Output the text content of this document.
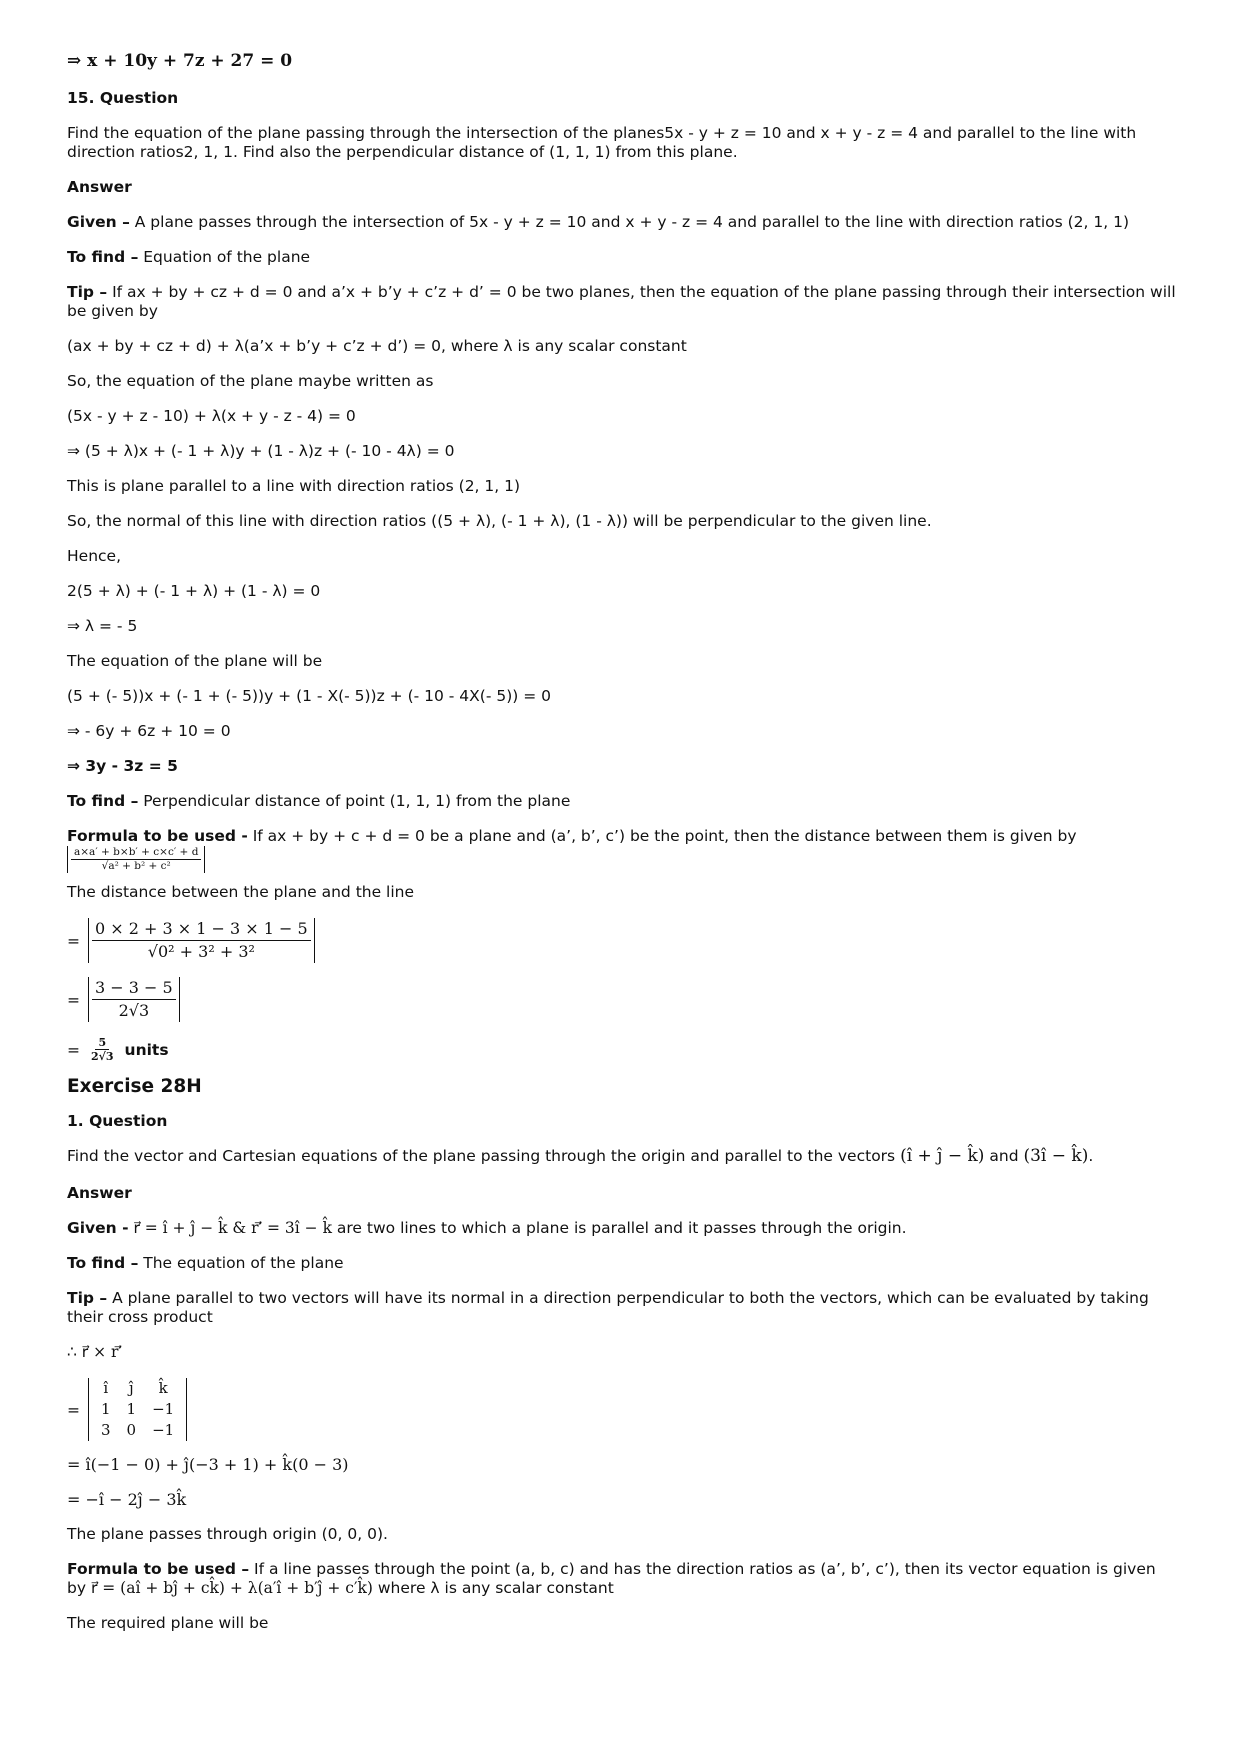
⇒ x + 10y + 7z + 27 = 0

15. Question

Find the equation of the plane passing through the intersection of the planes5x - y + z = 10 and x + y - z = 4 and parallel to the line with direction ratios2, 1, 1. Find also the perpendicular distance of (1, 1, 1) from this plane.

Answer

Given – A plane passes through the intersection of 5x - y + z = 10 and x + y - z = 4 and parallel to the line with direction ratios (2, 1, 1)

To find – Equation of the plane

Tip – If ax + by + cz + d = 0 and a’x + b’y + c’z + d’ = 0 be two planes, then the equation of the plane passing through their intersection will be given by

(ax + by + cz + d) + λ(a’x + b’y + c’z + d’) = 0, where λ is any scalar constant

So, the equation of the plane maybe written as

(5x - y + z - 10) + λ(x + y - z - 4) = 0

⇒ (5 + λ)x + (- 1 + λ)y + (1 - λ)z + (- 10 - 4λ) = 0

This is plane parallel to a line with direction ratios (2, 1, 1)

So, the normal of this line with direction ratios ((5 + λ), (- 1 + λ), (1 - λ)) will be perpendicular to the given line.

Hence,

2(5 + λ) + (- 1 + λ) + (1 - λ) = 0

⇒ λ = - 5

The equation of the plane will be

(5 + (- 5))x + (- 1 + (- 5))y + (1 - X(- 5))z + (- 10 - 4X(- 5)) = 0

⇒ - 6y + 6z + 10 = 0

⇒ 3y - 3z = 5

To find – Perpendicular distance of point (1, 1, 1) from the plane

Formula to be used - If ax + by + c + d = 0 be a plane and (a’, b’, c’) be the point, then the distance between them is given by

$\frac{a\times a' + b\times b' + c\times c' + d}{\text{√a² + b² + c²}}$

The distance between the plane and the line

= $\frac{0 \times 2 + 3 \times 1 - 3 \times 1 - 5}{\text{√0² + 3² + 3²}}$
= $\frac{3 - 3 - 5}{2√3}$
= $\frac{5}{2√3}$ units

Exercise 28H

1. Question

Find the vector and Cartesian equations of the plane passing through the origin and parallel to the vectors (î + ĵ − k̂) and (3î − k̂).

Answer

Given - r⃗ = î + ĵ − k̂ & r′⃗ = 3î − k̂ are two lines to which a plane is parallel and it passes through the origin.

To find – The equation of the plane

Tip – A plane parallel to two vectors will have its normal in a direction perpendicular to both the vectors, which can be evaluated by taking their cross product

∴ r⃗ × r′⃗

=
î	ĵ	k̂
1	1	−1
3	0	−1

= î(−1 − 0) + ĵ(−3 + 1) + k̂(0 − 3)

= −î − 2ĵ − 3k̂

The plane passes through origin (0, 0, 0).

Formula to be used – If a line passes through the point (a, b, c) and has the direction ratios as (a’, b’, c’), then its vector equation is given by r⃗ = (aî + bĵ + ck̂) + λ(a′î + b′ĵ + c′k̂) where λ is any scalar constant

The required plane will be
